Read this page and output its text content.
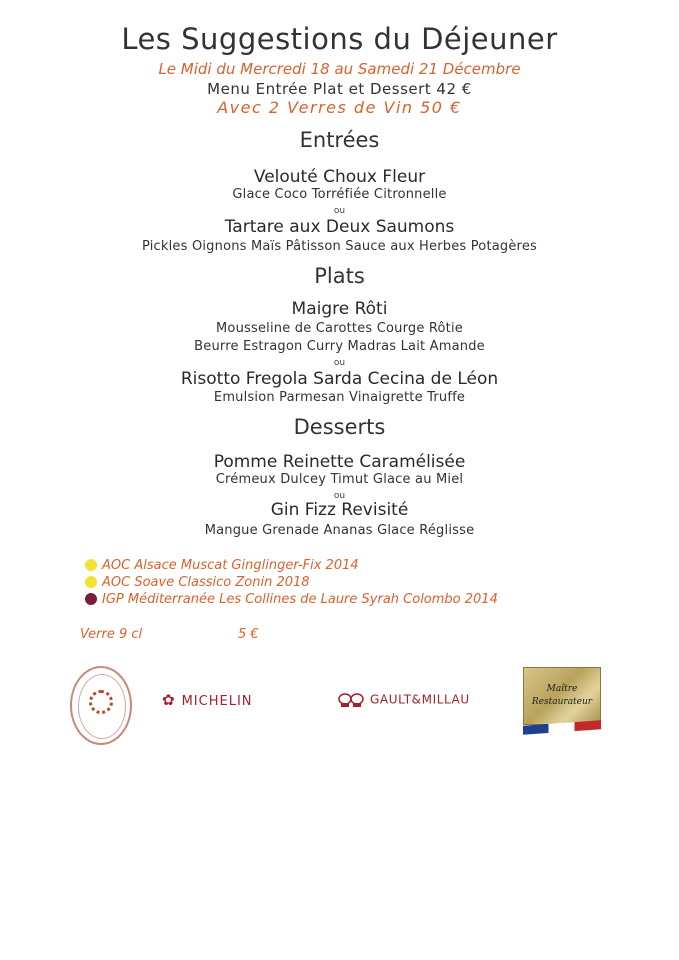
Les Suggestions du Déjeuner
Le Midi du Mercredi 18 au Samedi 21 Décembre
Menu Entrée Plat et Dessert 42 €
Avec 2 Verres de Vin 50 €
Entrées
Velouté Choux Fleur
Glace Coco Torréfiée Citronnelle
ou
Tartare aux Deux Saumons
Pickles Oignons Maïs Pâtisson Sauce aux Herbes Potagères
Plats
Maigre Rôti
Mousseline de Carottes Courge Rôtie
Beurre Estragon Curry Madras Lait Amande
ou
Risotto Fregola Sarda Cecina de Léon
Emulsion Parmesan Vinaigrette Truffe
Desserts
Pomme Reinette Caramélisée
Crémeux Dulcey Timut Glace au Miel
ou
Gin Fizz Revisité
Mangue Grenade Ananas Glace Réglisse
AOC Alsace Muscat Ginglinger-Fix 2014
AOC Soave Classico Zonin 2018
IGP Méditerranée Les Collines de Laure Syrah Colombo 2014
Verre 9 cl	5 €
✿ MICHELIN	GAULT&MILLAU
Maître
Restaurateur
